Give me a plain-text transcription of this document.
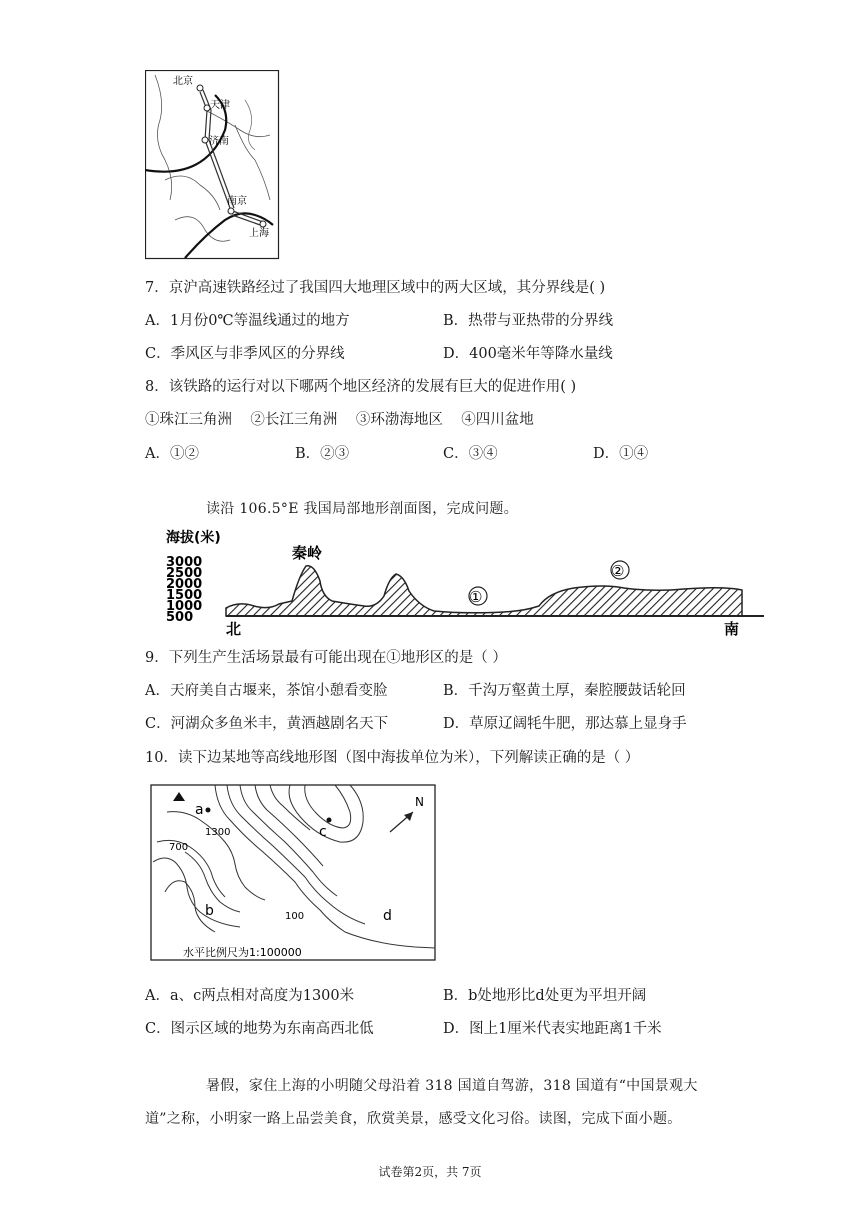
北京
天津
济南
南京
上海
7．京沪高速铁路经过了我国四大地理区域中的两大区域，其分界线是( )
A．1月份0℃等温线通过的地方	B．热带与亚热带的分界线
C．季风区与非季风区的分界线	D．400毫米年等降水量线
8．该铁路的运行对以下哪两个地区经济的发展有巨大的促进作用( )
①珠江三角洲    ②长江三角洲    ③环渤海地区    ④四川盆地
A．①②	B．②③	C．③④	D．①④
读沿 106.5°E 我国局部地形剖面图，完成问题。
海拔(米)
3000
2500
2000
1500
1000
500
秦岭
①
②
北	南
9．下列生产生活场景最有可能出现在①地形区的是（ ）
A．天府美自古堰来，茶馆小憩看变脸	B．千沟万壑黄土厚，秦腔腰鼓话轮回
C．河湖众多鱼米丰，黄酒越剧名天下	D．草原辽阔牦牛肥，那达慕上显身手
10．读下边某地等高线地形图（图中海拔单位为米），下列解读正确的是（ ）
N
a
b
c
d
1300
700
100
水平比例尺为1:100000
A．a、c两点相对高度为1300米	B．b处地形比d处更为平坦开阔
C．图示区域的地势为东南高西北低	D．图上1厘米代表实地距离1千米
暑假，家住上海的小明随父母沿着 318 国道自驾游，318 国道有“中国景观大
道”之称，小明家一路上品尝美食，欣赏美景，感受文化习俗。读图，完成下面小题。
试卷第2页，共 7页
